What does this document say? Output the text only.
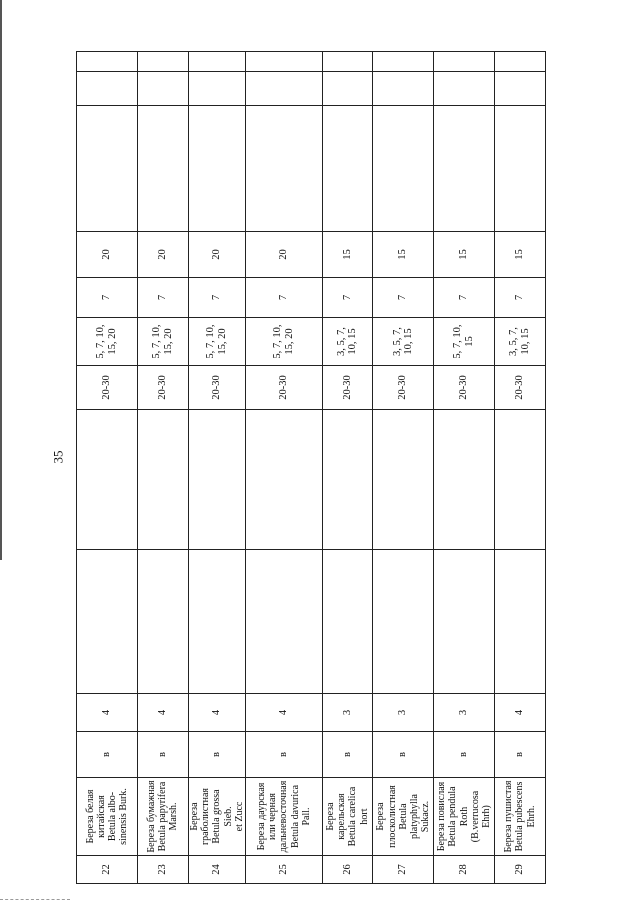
35
22	Береза белая
китайская
Betula albo-
sinensis Burk.	в	4			20-30	5, 7, 10,
15, 20	7	20			
23	Береза бумажная
Betula papyrifera
Marsh.	в	4			20-30	5, 7, 10,
15, 20	7	20			
24	Береза
граболистная
Betula grossa Sieb.
et Zucc	в	4			20-30	5, 7, 10,
15, 20	7	20			
25	Береза даурская
или черная
дальневосточная
Betula davurica
Pall.	в	4			20-30	5, 7, 10,
15, 20	7	20			
26	Береза карельская
Betula carelica
hort	в	3			20-30	3, 5, 7,
10, 15	7	15			
27	Береза
плосколистная
Betula platyphylla
Sukacz.	в	3			20-30	3, 5, 7,
10, 15	7	15			
28	Береза повислая
Betula pendula
Roth (B.verrucosa
Ehrh)	в	3			20-30	5, 7, 10,
15	7	15			
29	Береза пушистая
Betula pubescens
Ehrh.	в	4			20-30	3, 5, 7,
10, 15	7	15			
